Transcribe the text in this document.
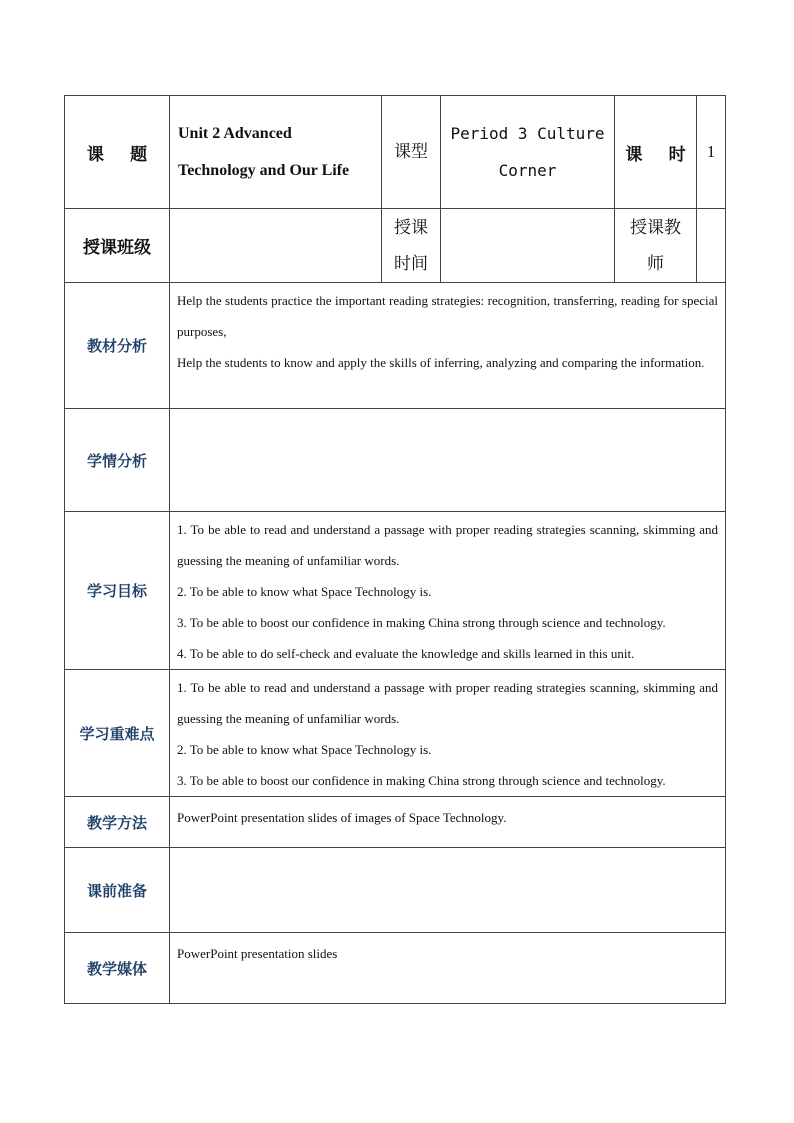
课 题	Unit 2 Advanced Technology and Our Life	课型	Period 3 Culture Corner	课 时	1
授课班级		授课时间		授课教师	
教材分析	Help the students practice the important reading strategies: recognition, transferring, reading for special purposes,

Help the students to know and apply the skills of inferring, analyzing and comparing the information.				

学情分析					
学习目标	1. To be able to read and understand a passage with proper reading strategies scanning, skimming and guessing the meaning of unfamiliar words.

2. To be able to know what Space Technology is.

3. To be able to boost our confidence in making China strong through science and technology.

4. To be able to do self-check and evaluate the knowledge and skills learned in this unit.				

学习重难点	1. To be able to read and understand a passage with proper reading strategies scanning, skimming and guessing the meaning of unfamiliar words.

2. To be able to know what Space Technology is.

3. To be able to boost our confidence in making China strong through science and technology.				

教学方法	PowerPoint presentation slides of images of Space Technology.				

课前准备					
教学媒体	PowerPoint presentation slides				
